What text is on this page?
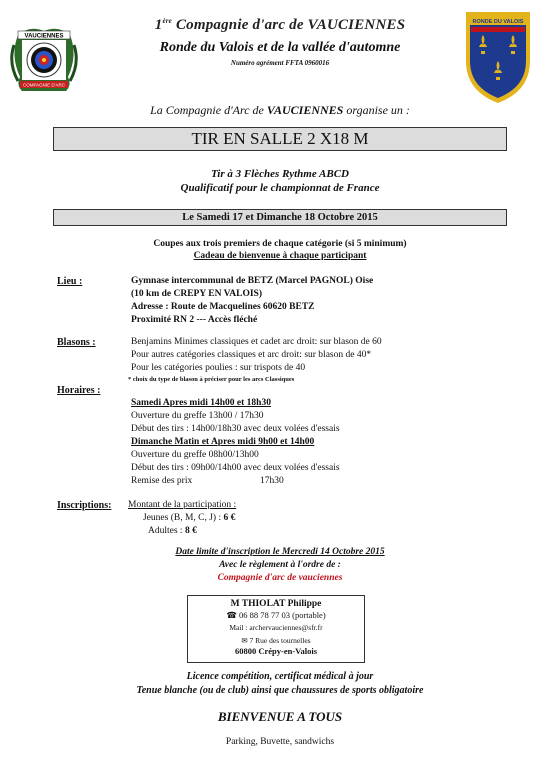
VAUCIENNES
COMPAGNIE D'ARC
RONDE DU VALOIS
1ère Compagnie d'arc de VAUCIENNES
Ronde du Valois et de la vallée d'automne
Numéro agrément FFTA 0960016
La Compagnie d'Arc de VAUCIENNES organise un :
TIR EN SALLE 2 X18 M
Tir à 3 Flèches Rythme ABCD
Qualificatif pour le championnat de France
Le Samedi 17 et Dimanche 18 Octobre 2015
Coupes aux trois premiers de chaque catégorie (si 5 minimum)
Cadeau de bienvenue à chaque participant
Lieu :	Gymnase intercommunal de BETZ (Marcel PAGNOL) Oise
(10 km de CREPY EN VALOIS)
Adresse : Route de Macquelines 60620 BETZ
Proximité RN 2 --- Accès fléché
Blasons :	Benjamins Minimes classiques et cadet arc droit: sur blason de 60
Pour autres catégories classiques et arc droit: sur blason de 40*
Pour les catégories poulies : sur trispots de 40
* choix du type de blason à préciser pour les arcs Classiques
Horaires :
Samedi Apres midi 14h00 et 18h30
Ouverture du greffe 13h00 / 17h30
Début des tirs : 14h00/18h30 avec deux volées d'essais
Dimanche Matin et Apres midi 9h00 et 14h00
Ouverture du greffe 08h00/13h00
Début des tirs : 09h00/14h00 avec deux volées d'essais
Remise des prix	17h30
Inscriptions: Montant de la participation :
Jeunes (B, M, C, J) : 6 €
Adultes : 8 €
Date limite d'inscription le Mercredi 14 Octobre 2015
Avec le règlement à l'ordre de :
Compagnie d'arc de vauciennes
M THIOLAT Philippe
☎ 06 88 78 77 03 (portable)
Mail : archervauciennes@sfr.fr
✉ 7 Rue des tournelles
60800 Crépy-en-Valois
Licence compétition, certificat médical à jour
Tenue blanche (ou de club) ainsi que chaussures de sports obligatoire
BIENVENUE A TOUS
Parking, Buvette, sandwichs
